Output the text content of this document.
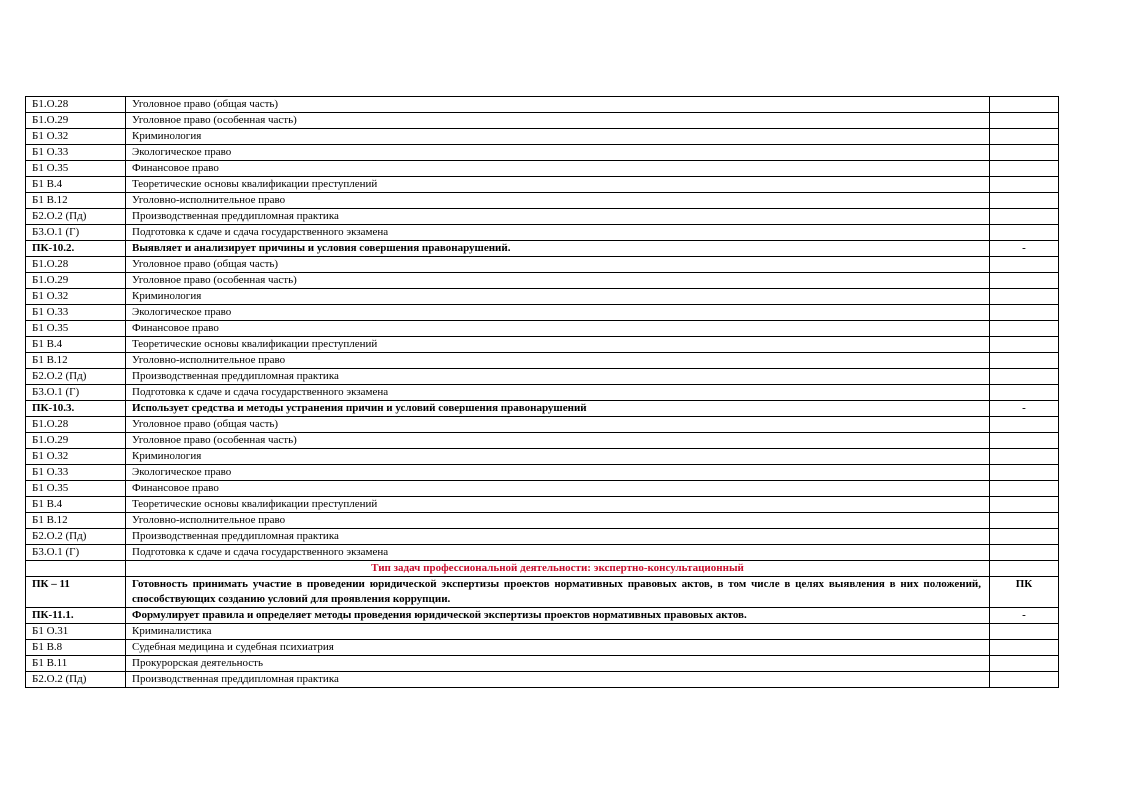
Б1.О.28	Уголовное право (общая часть)	
Б1.О.29	Уголовное право (особенная часть)	
Б1 О.32	Криминология	
Б1 О.33	Экологическое право	
Б1 О.35	Финансовое право	
Б1 В.4	Теоретические основы квалификации преступлений	
Б1 В.12	Уголовно-исполнительное право	
Б2.О.2 (Пд)	Производственная преддипломная практика	
Б3.О.1 (Г)	Подготовка к сдаче и сдача государственного экзамена	
ПК-10.2.	Выявляет и анализирует причины и условия совершения правонарушений.	-
Б1.О.28	Уголовное право (общая часть)	
Б1.О.29	Уголовное право (особенная часть)	
Б1 О.32	Криминология	
Б1 О.33	Экологическое право	
Б1 О.35	Финансовое право	
Б1 В.4	Теоретические основы квалификации преступлений	
Б1 В.12	Уголовно-исполнительное право	
Б2.О.2 (Пд)	Производственная преддипломная практика	
Б3.О.1 (Г)	Подготовка к сдаче и сдача государственного экзамена	
ПК-10.3.	Использует средства и методы устранения причин и условий совершения правонарушений	-
Б1.О.28	Уголовное право (общая часть)	
Б1.О.29	Уголовное право (особенная часть)	
Б1 О.32	Криминология	
Б1 О.33	Экологическое право	
Б1 О.35	Финансовое право	
Б1 В.4	Теоретические основы квалификации преступлений	
Б1 В.12	Уголовно-исполнительное право	
Б2.О.2 (Пд)	Производственная преддипломная практика	
Б3.О.1 (Г)	Подготовка к сдаче и сдача государственного экзамена	
	Тип задач профессиональной деятельности: экспертно-консультационный	
ПК – 11	Готовность принимать участие в проведении юридической экспертизы проектов нормативных правовых актов, в том числе в целях выявления в них положений, способствующих созданию условий для проявления коррупции.	ПК
ПК-11.1.	Формулирует правила и определяет методы проведения юридической экспертизы проектов нормативных правовых актов.	-
Б1 О.31	Криминалистика	
Б1 В.8	Судебная медицина и судебная психиатрия	
Б1 В.11	Прокурорская деятельность	
Б2.О.2 (Пд)	Производственная преддипломная практика	
